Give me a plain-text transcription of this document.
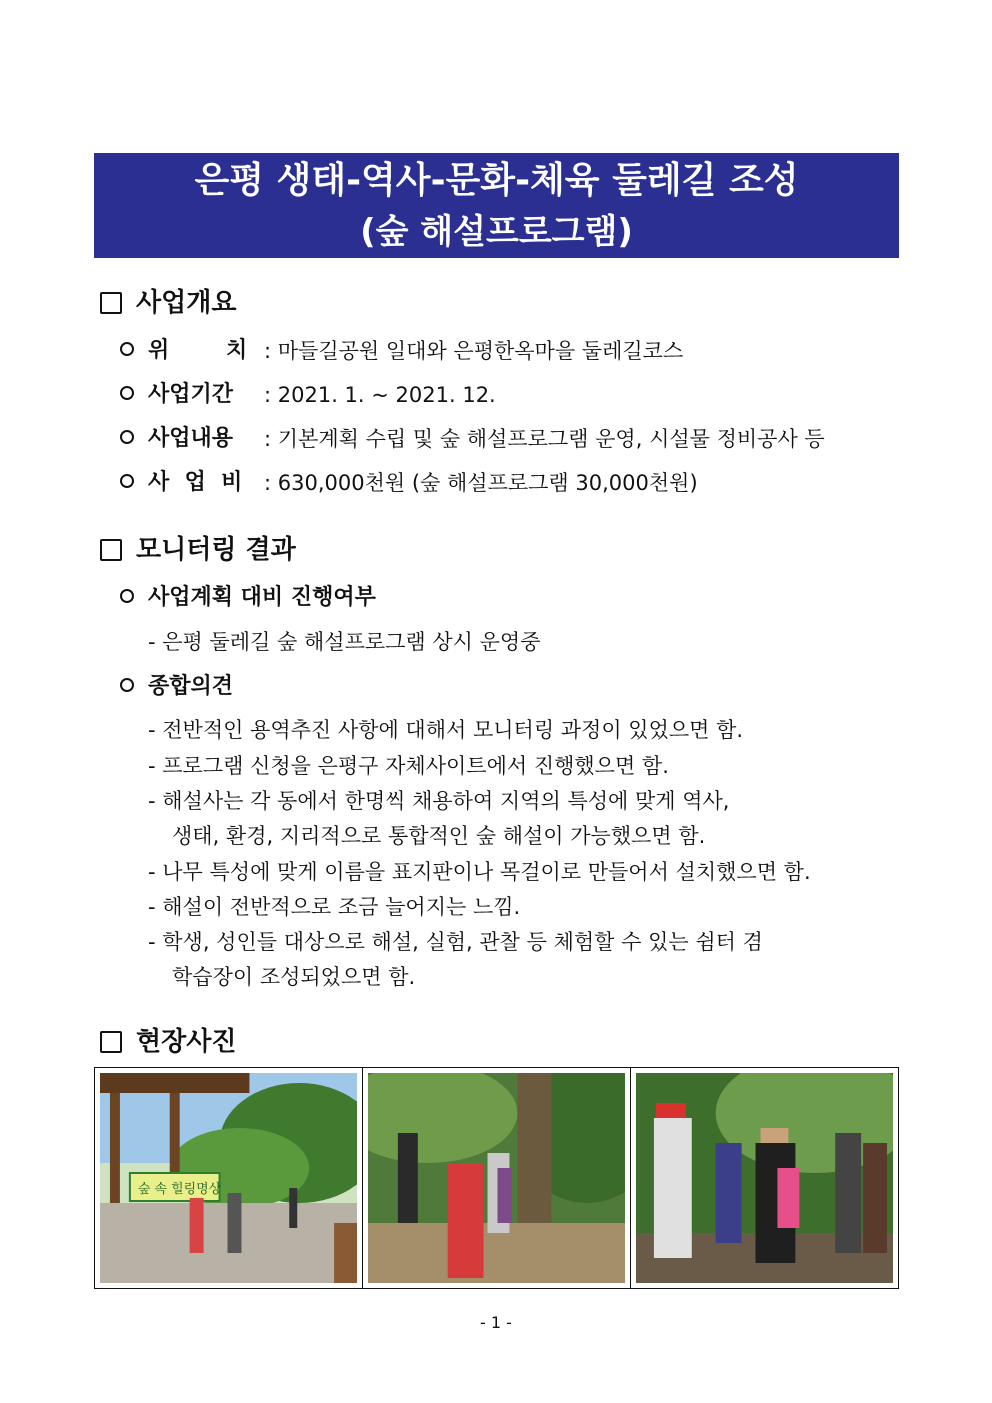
은평 생태-역사-문화-체육 둘레길 조성
(숲 해설프로그램)
사업개요
위	치 : 마들길공원 일대와 은평한옥마을 둘레길코스
사업기간 : 2021. 1. ~ 2021. 12.
사업내용 : 기본계획 수립 및 숲 해설프로그램 운영, 시설물 정비공사 등
사  업  비 : 630,000천원 (숲 해설프로그램 30,000천원)
모니터링 결과
사업계획 대비 진행여부
- 은평 둘레길 숲 해설프로그램 상시 운영중
종합의견
- 전반적인 용역추진 사항에 대해서 모니터링 과정이 있었으면 함.
- 프로그램 신청을 은평구 자체사이트에서 진행했으면 함.
- 해설사는 각 동에서 한명씩 채용하여 지역의 특성에 맞게 역사,
생태, 환경, 지리적으로 통합적인 숲 해설이 가능했으면 함.
- 나무 특성에 맞게 이름을 표지판이나 목걸이로 만들어서 설치했으면 함.
- 해설이 전반적으로 조금 늘어지는 느낌.
- 학생, 성인들 대상으로 해설, 실험, 관찰 등 체험할 수 있는 쉼터 겸
학습장이 조성되었으면 함.
현장사진
숲 속 힐링명상
- 1 -
